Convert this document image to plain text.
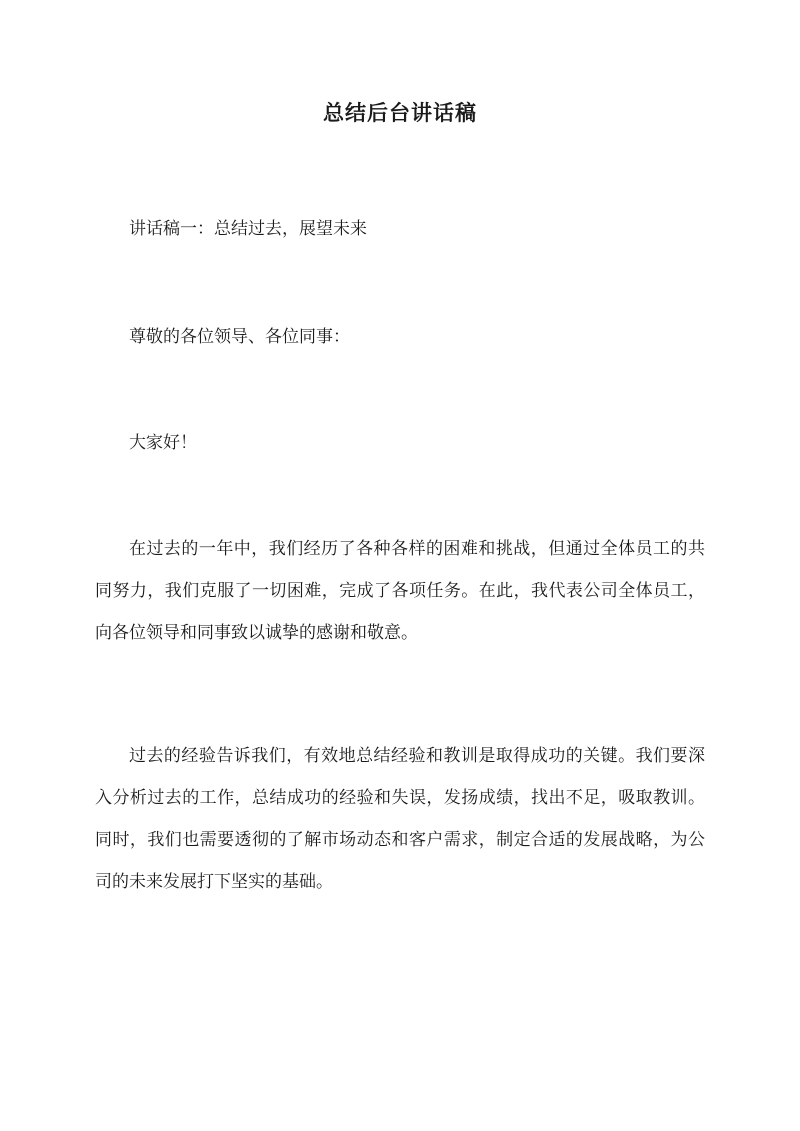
总结后台讲话稿

讲话稿一：总结过去，展望未来

尊敬的各位领导、各位同事：

大家好！

在过去的一年中，我们经历了各种各样的困难和挑战，但通过全体员工的共同努力，我们克服了一切困难，完成了各项任务。在此，我代表公司全体员工，向各位领导和同事致以诚挚的感谢和敬意。

过去的经验告诉我们，有效地总结经验和教训是取得成功的关键。我们要深入分析过去的工作，总结成功的经验和失误，发扬成绩，找出不足，吸取教训。同时，我们也需要透彻的了解市场动态和客户需求，制定合适的发展战略，为公司的未来发展打下坚实的基础。
